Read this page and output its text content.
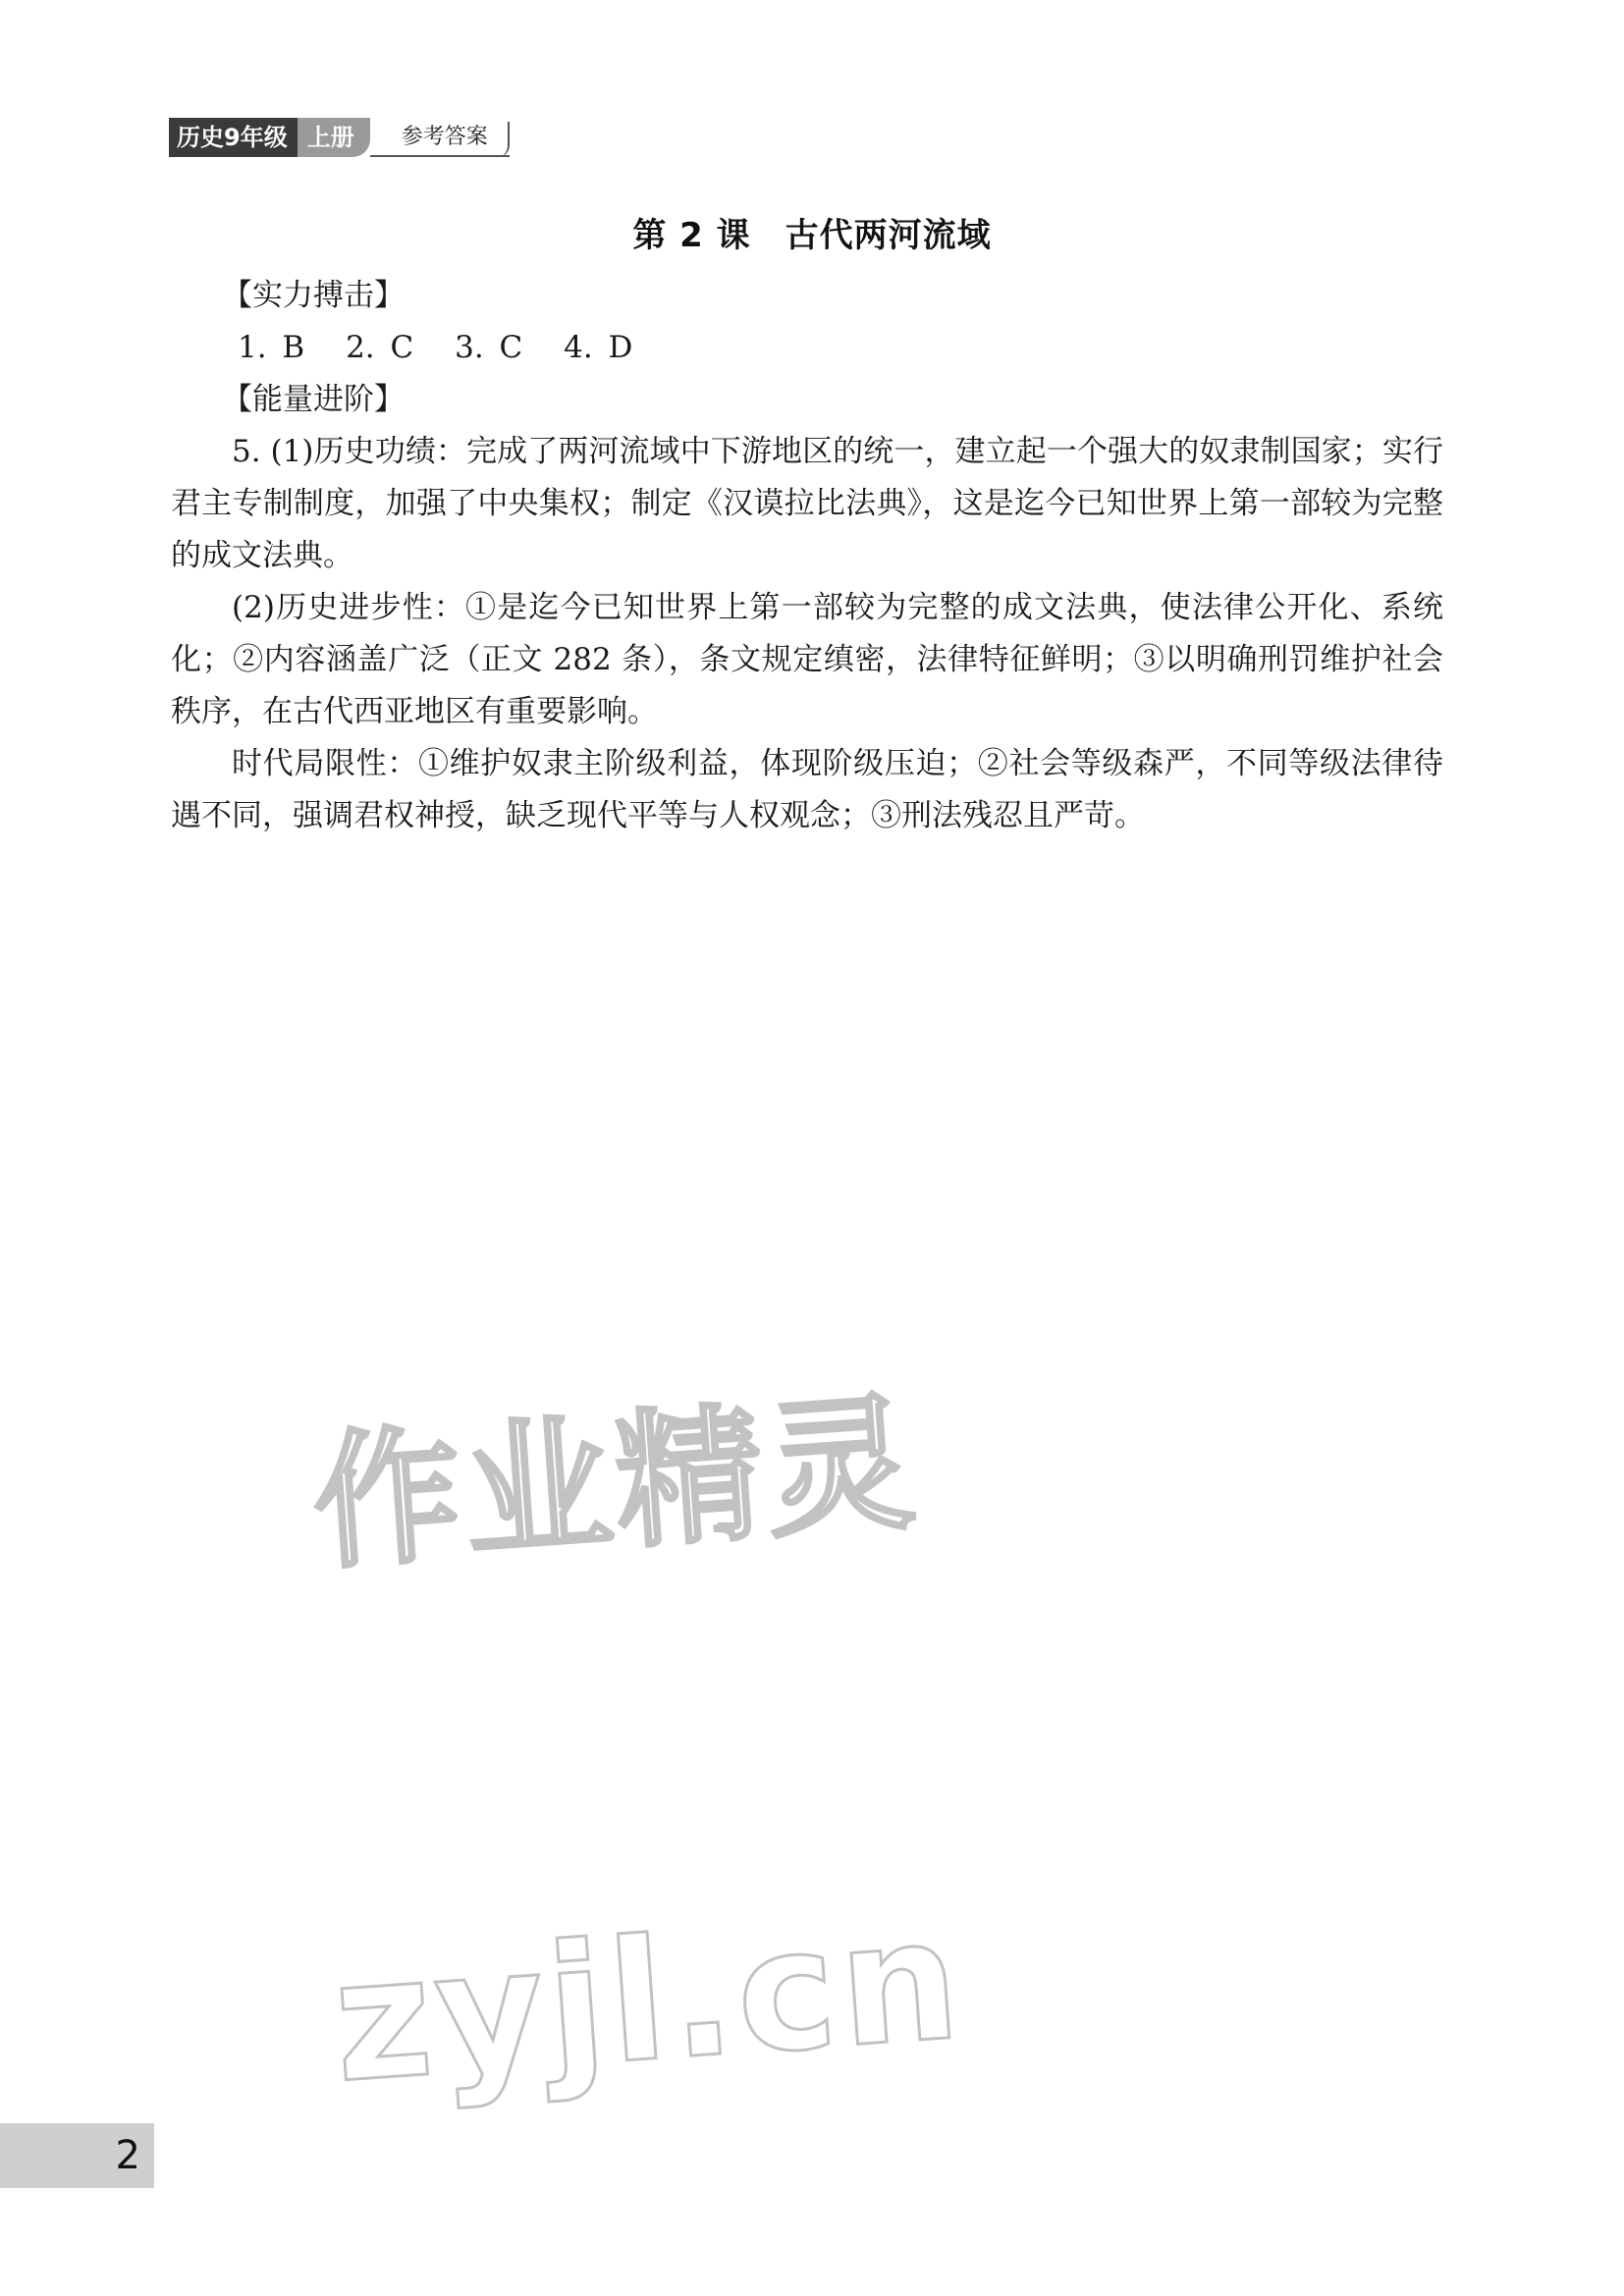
历史9年级 上册	参考答案
第 2 课　古代两河流域

【实力搏击】

1. B 2. C 3. C 4. D

【能量进阶】

5. (1)历史功绩：完成了两河流域中下游地区的统一，建立起一个强大的奴隶制国家；实行君主专制制度，加强了中央集权；制定《汉谟拉比法典》，这是迄今已知世界上第一部较为完整的成文法典。

(2)历史进步性：①是迄今已知世界上第一部较为完整的成文法典，使法律公开化、系统化；②内容涵盖广泛（正文 282 条），条文规定缜密，法律特征鲜明；③以明确刑罚维护社会秩序，在古代西亚地区有重要影响。

时代局限性：①维护奴隶主阶级利益，体现阶级压迫；②社会等级森严，不同等级法律待遇不同，强调君权神授，缺乏现代平等与人权观念；③刑法残忍且严苛。

作业精灵
zyjl.cn
2
